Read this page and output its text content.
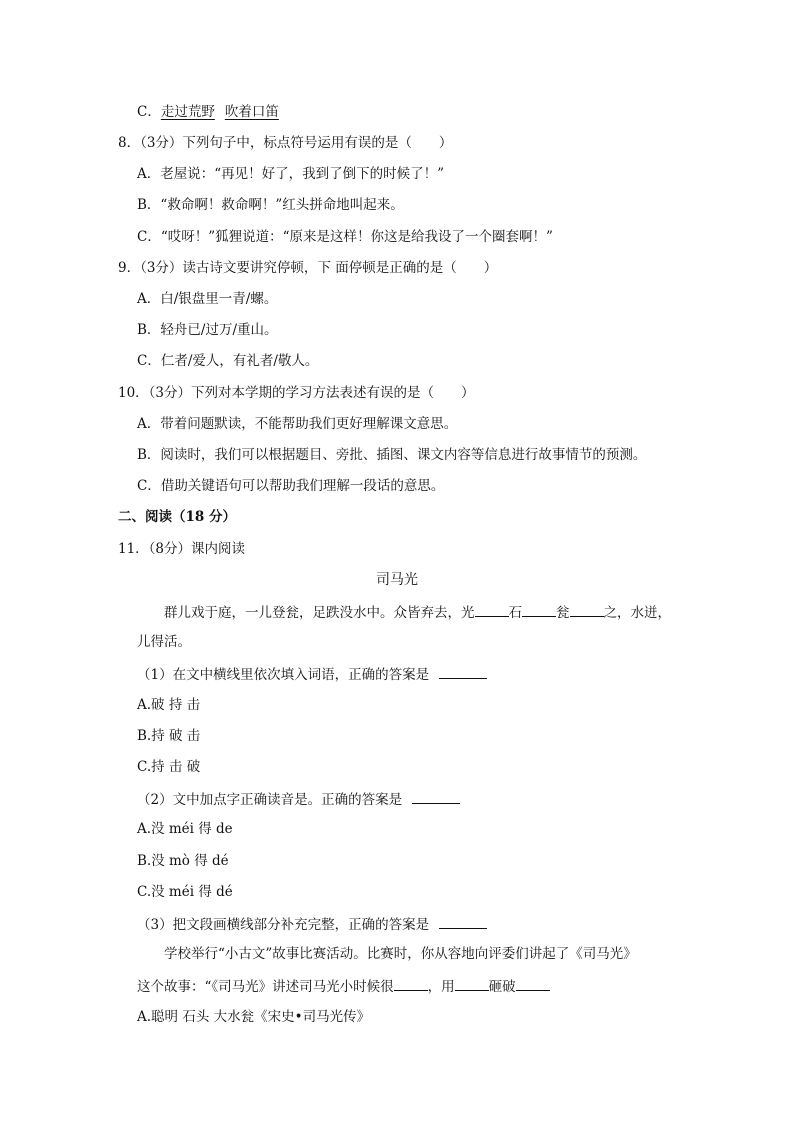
C．走过荒野 吹着口笛
8．（3分）下列句子中，标点符号运用有误的是（　　）
A．老屋说：“再见！好了，我到了倒下的时候了！”
B．“救命啊！救命啊！”红头拼命地叫起来。
C．“哎呀！”狐狸说道：“原来是这样！你这是给我设了一个圈套啊！”
9．（3分）读古诗文要讲究停顿，下 面停顿是正确的是（　　）
A．白/银盘里一青/螺。
B．轻舟已/过万/重山。
C．仁者/爱人，有礼者/敬人。
10．（3分）下列对本学期的学习方法表述有误的是（　　）
A．带着问题默读，不能帮助我们更好理解课文意思。
B．阅读时，我们可以根据题目、旁批、插图、课文内容等信息进行故事情节的预测。
C．借助关键语句可以帮助我们理解一段话的意思。
二、阅读（18 分）
11．（8分）课内阅读
司马光
群儿戏于庭，一儿登瓮，足跌没水中。众皆弃去，光	石	瓮	之，水迸，
儿得活。
（1）在文中横线里依次填入词语，正确的答案是
A.破 持 击
B.持 破 击
C.持 击 破
（2）文中加点字正确读音是。正确的答案是
A.没 méi 得 de
B.没 mò 得 dé
C.没 méi 得 dé
（3）把文段画横线部分补充完整，正确的答案是
学校举行“小古文”故事比赛活动。比赛时，你从容地向评委们讲起了《司马光》
这个故事：“《司马光》讲述司马光小时候很	，用	砸破
A.聪明 石头 大水瓮《宋史•司马光传》
